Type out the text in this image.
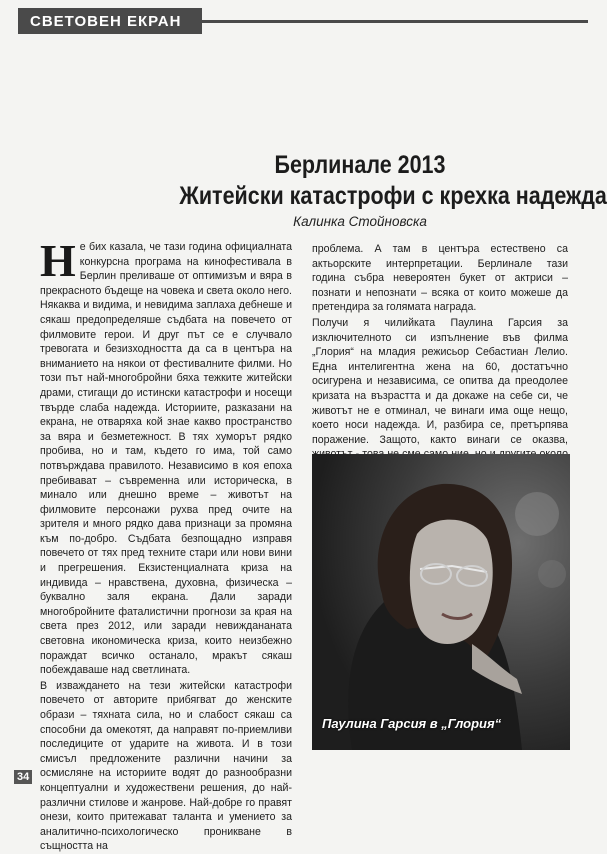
СВЕТОВЕН ЕКРАН
Берлинале 2013
Житейски катастрофи с крехка надежда
Калинка Стойновска

Не бих казала, че тази година официалната конкурсна програма на кинофестивала в Берлин преливаше от оптимизъм и вяра в прекрасното бъдеще на човека и света около него. Някаква и видима, и невидима заплаха дебнеше и сякаш предопределяше съдбата на повечето от филмовите герои. И друг път се е случвало тревогата и безизходността да са в центъра на вниманието на някои от фестивалните филми. Но този път най-многобройни бяха тежките житейски драми, стигащи до истински катастрофи и носещи твърде слаба надежда. Историите, разказани на екрана, не отваряха кой знае какво пространство за вяра и безметежност. В тях хуморът рядко пробива, но и там, където го има, той само потвърждава правилото. Независимо в коя епоха пребивават – съвременна или историческа, в минало или днешно време – животът на филмовите персонажи рухва пред очите на зрителя и много рядко дава признаци за промяна към по-добро. Съдбата безпощадно изправя повечето от тях пред техните стари или нови вини и прегрешения. Екзистенциалната криза на индивида – нравствена, духовна, физическа – буквално заля екрана. Дали заради многобройните фаталистични прогнози за края на света през 2012, или заради невиждананата световна икономическа криза, които неизбежно пораждат всичко останало, мракът сякаш побеждаваше над светлината.

В изваждането на тези житейски катастрофи повечето от авторите прибягват до женските образи – тяхната сила, но и слабост сякаш са способни да омекотят, да направят по-приемливи последиците от ударите на живота. И в този смисъл предложените различни начини за осмисляне на историите водят до разнообразни концептуални и художествени решения, до най-различни стилове и жанрове. Най-добре го правят онези, които притежават таланта и умението за аналитично-психологическо проникване в същността на

проблема. А там в центъра естествено са актьорските интерпретации. Берлинале тази година събра невероятен букет от актриси – познати и непознати – всяка от които можеше да претендира за голямата награда.

Получи я чилийката Паулина Гарсия за изключителното си изпълнение във филма „Глория“ на младия режисьор Себастиан Лелио. Една интелигентна жена на 60, достатъчно осигурена и независима, се опитва да преодолее кризата на възрастта и да докаже на себе си, че животът не е отминал, че винаги има още нещо, което носи надежда. И, разбира се, претърпява поражение. Защото, както винаги се оказва,

Паулина Гарсия в „Глория“
34
